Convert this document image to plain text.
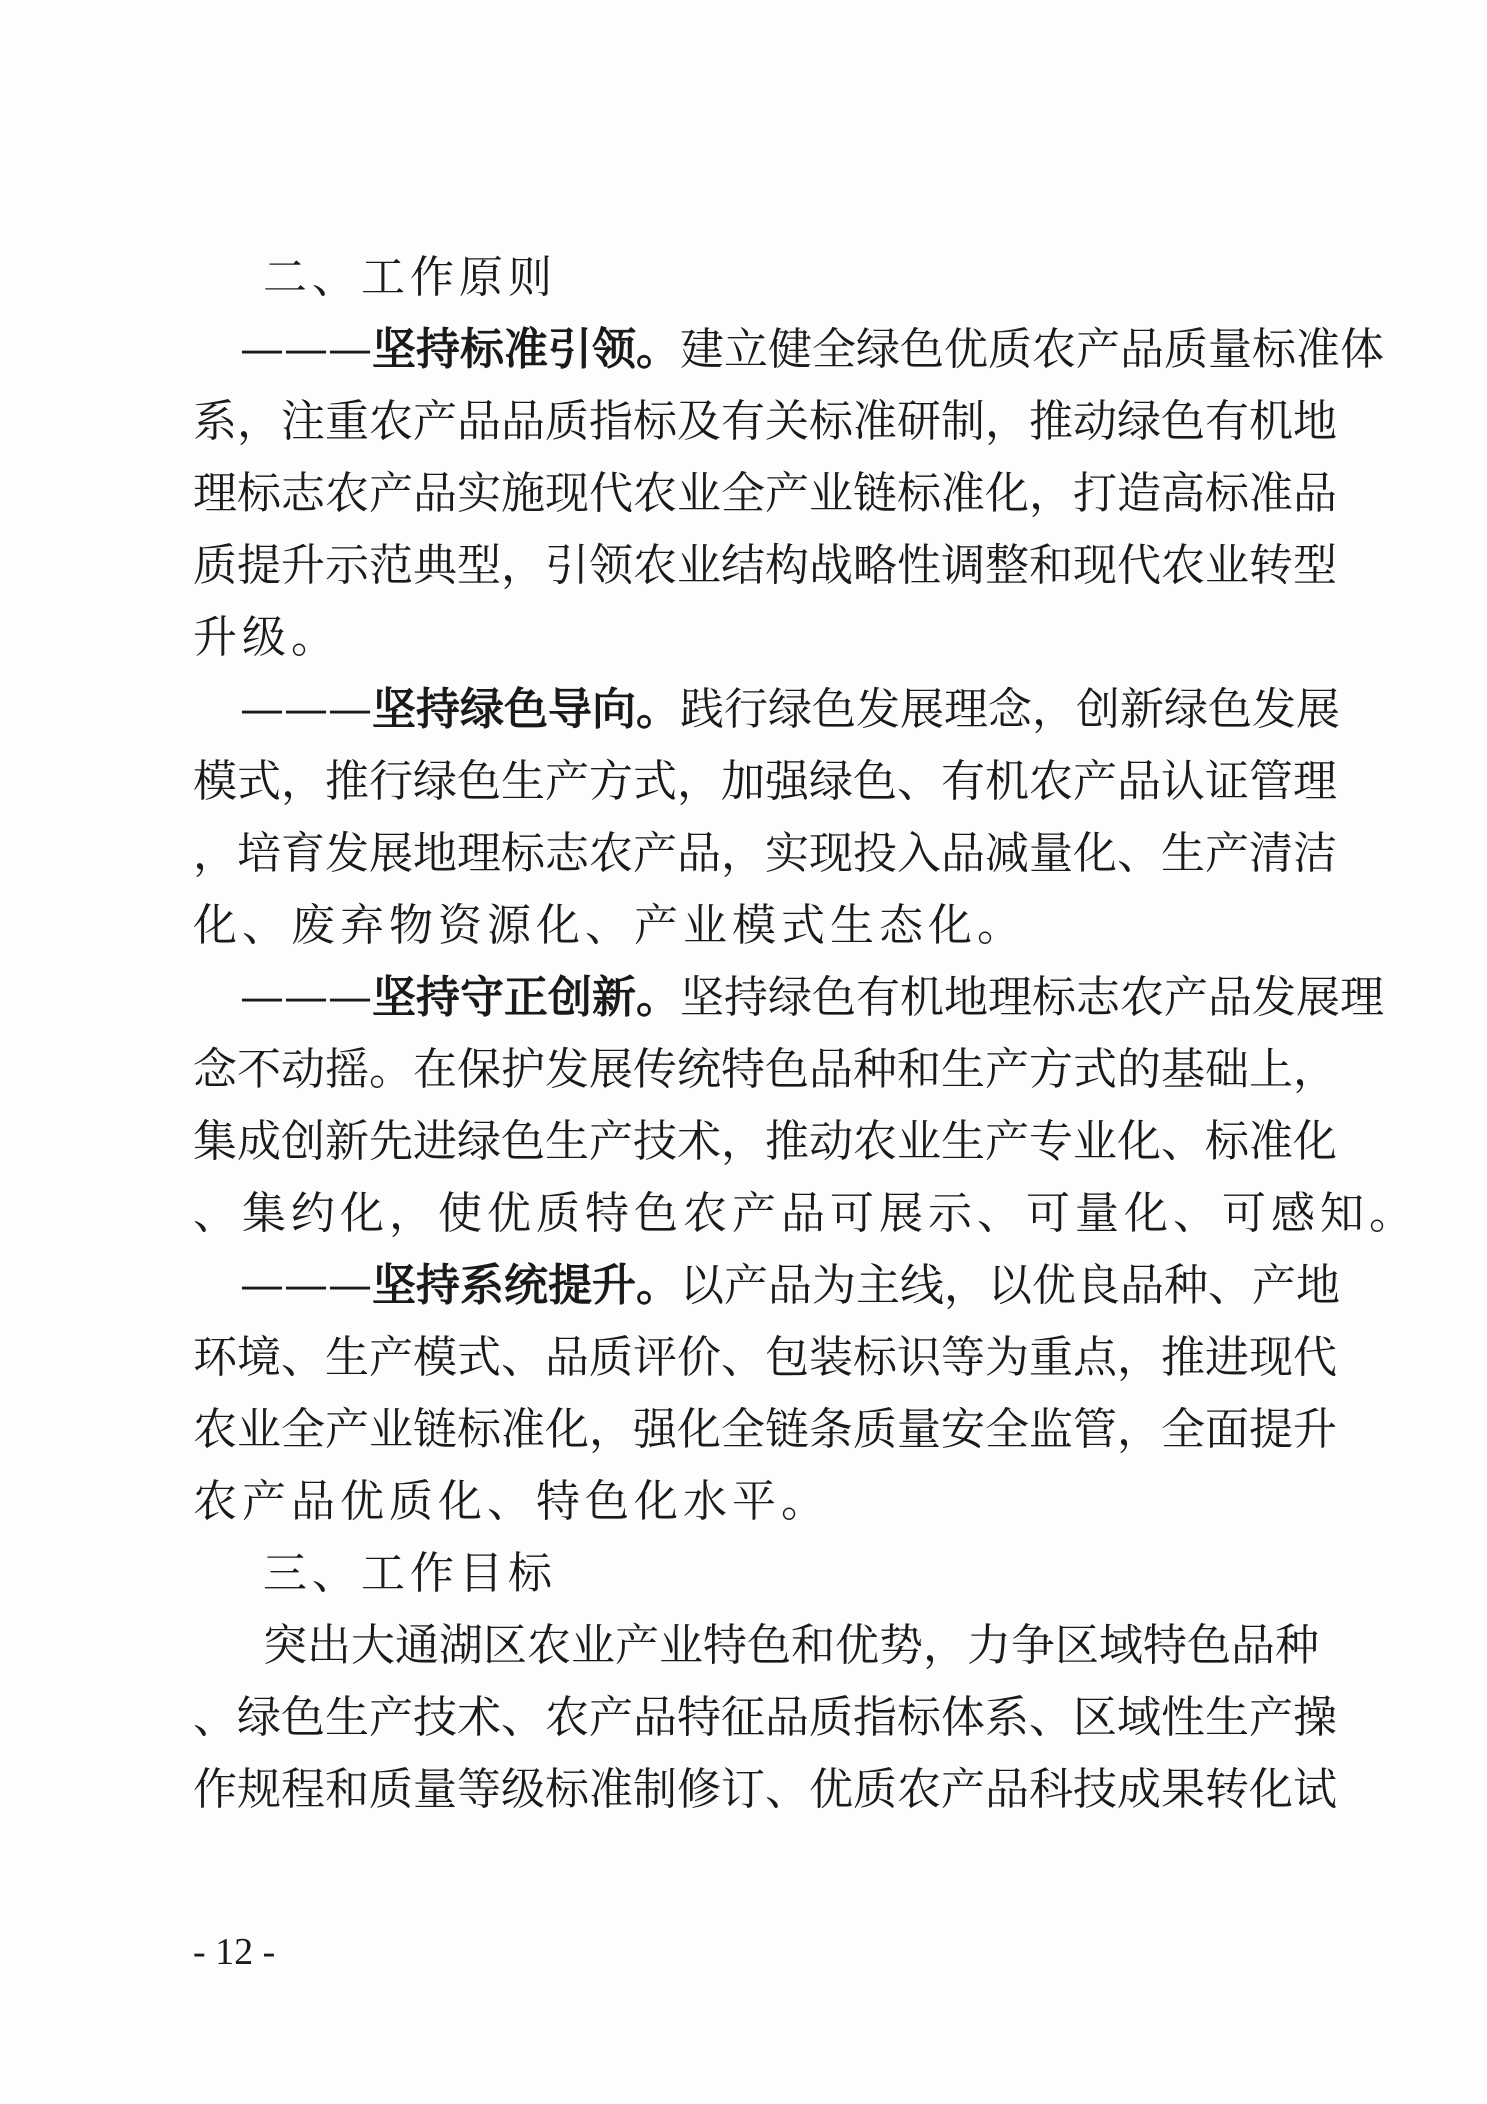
二、工作原则
———坚持标准引领。建立健全绿色优质农产品质量标准体
系，注重农产品品质指标及有关标准研制，推动绿色有机地
理标志农产品实施现代农业全产业链标准化，打造高标准品
质提升示范典型，引领农业结构战略性调整和现代农业转型
升级。
———坚持绿色导向。践行绿色发展理念，创新绿色发展
模式，推行绿色生产方式，加强绿色、有机农产品认证管理
，培育发展地理标志农产品，实现投入品减量化、生产清洁
化、废弃物资源化、产业模式生态化。
———坚持守正创新。坚持绿色有机地理标志农产品发展理
念不动摇。在保护发展传统特色品种和生产方式的基础上，
集成创新先进绿色生产技术，推动农业生产专业化、标准化
、集约化，使优质特色农产品可展示、可量化、可感知。
———坚持系统提升。以产品为主线，以优良品种、产地
环境、生产模式、品质评价、包装标识等为重点，推进现代
农业全产业链标准化，强化全链条质量安全监管，全面提升
农产品优质化、特色化水平。
三、工作目标
突出大通湖区农业产业特色和优势，力争区域特色品种
、绿色生产技术、农产品特征品质指标体系、区域性生产操
作规程和质量等级标准制修订、优质农产品科技成果转化试
- 12 -
